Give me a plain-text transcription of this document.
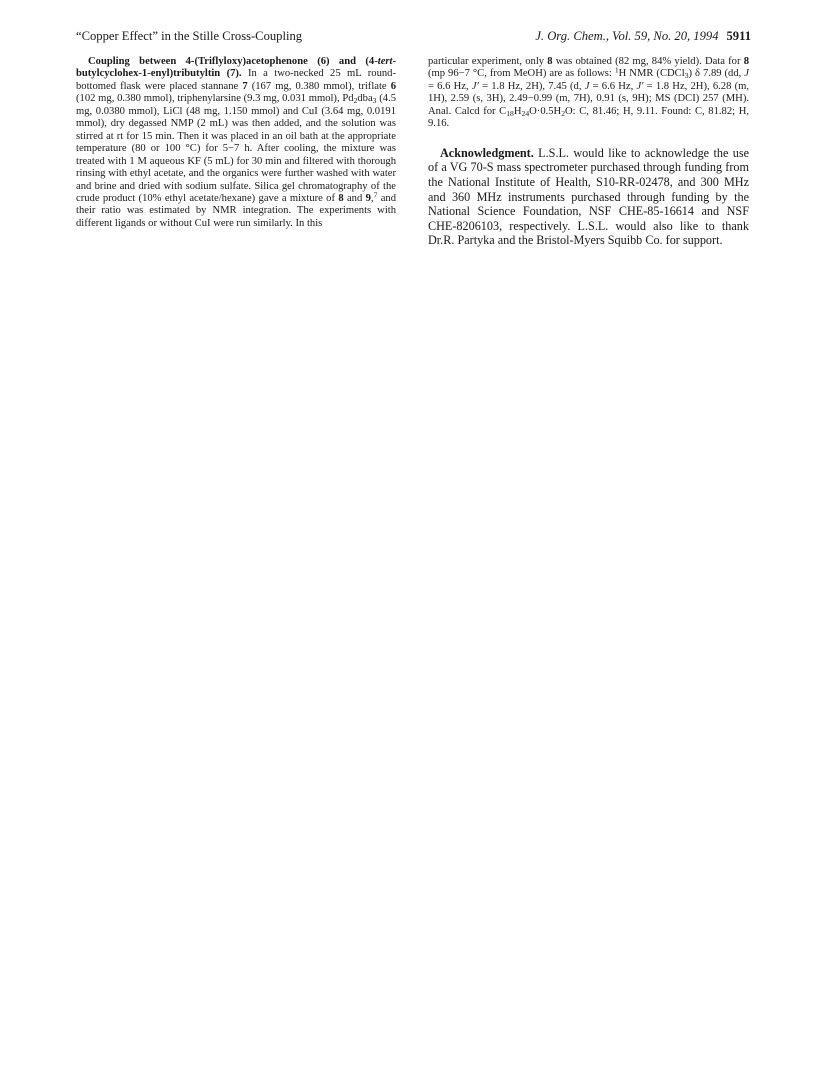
“Copper Effect” in the Stille Cross-Coupling	J. Org. Chem., Vol. 59, No. 20, 1994 5911

Coupling between 4-(Triflyloxy)acetophenone (6) and (4-tert-butylcyclohex-1-enyl)tributyltin (7). In a two-necked 25 mL round-bottomed flask were placed stannane 7 (167 mg, 0.380 mmol), triflate 6 (102 mg, 0.380 mmol), triphenylarsine (9.3 mg, 0.031 mmol), $Pd_2dba_3$ (4.5 mg, 0.0380 mmol), LiCl (48 mg, 1.150 mmol) and CuI (3.64 mg, 0.0191 mmol), dry degassed NMP (2 mL) was then added, and the solution was stirred at rt for 15 min. Then it was placed in an oil bath at the appropriate temperature (80 or 100 °C) for 5−7 h. After cooling, the mixture was treated with 1 M aqueous KF (5 mL) for 30 min and filtered with thorough rinsing with ethyl acetate, and the organics were further washed with water and brine and dried with sodium sulfate. Silica gel chromatography of the crude product (10% ethyl acetate/hexane) gave a mixture of 8 and 9,$^7$ and their ratio was estimated by NMR integration. The experiments with different ligands or without CuI were run similarly. In this

particular experiment, only 8 was obtained (82 mg, 84% yield). Data for 8 (mp 96−7 °C, from MeOH) are as follows: $^1$H NMR (CDCl$_3$) δ 7.89 (dd, J = 6.6 Hz, J′ = 1.8 Hz, 2H), 7.45 (d, J = 6.6 Hz, J′ = 1.8 Hz, 2H), 6.28 (m, 1H), 2.59 (s, 3H), 2.49−0.99 (m, 7H), 0.91 (s, 9H); MS (DCI) 257 (MH). Anal. Calcd for $C_{18}H_{24}O\cdot 0.5H_2O$: C, 81.46; H, 9.11. Found: C, 81.82; H, 9.16.

Acknowledgment. L.S.L. would like to acknowledge the use of a VG 70-S mass spectrometer purchased through funding from the National Institute of Health, S10-RR-02478, and 300 MHz and 360 MHz instruments purchased through funding by the National Science Foundation, NSF CHE-85-16614 and NSF CHE-8206103, respectively. L.S.L. would also like to thank Dr.R. Partyka and the Bristol-Myers Squibb Co. for support.
